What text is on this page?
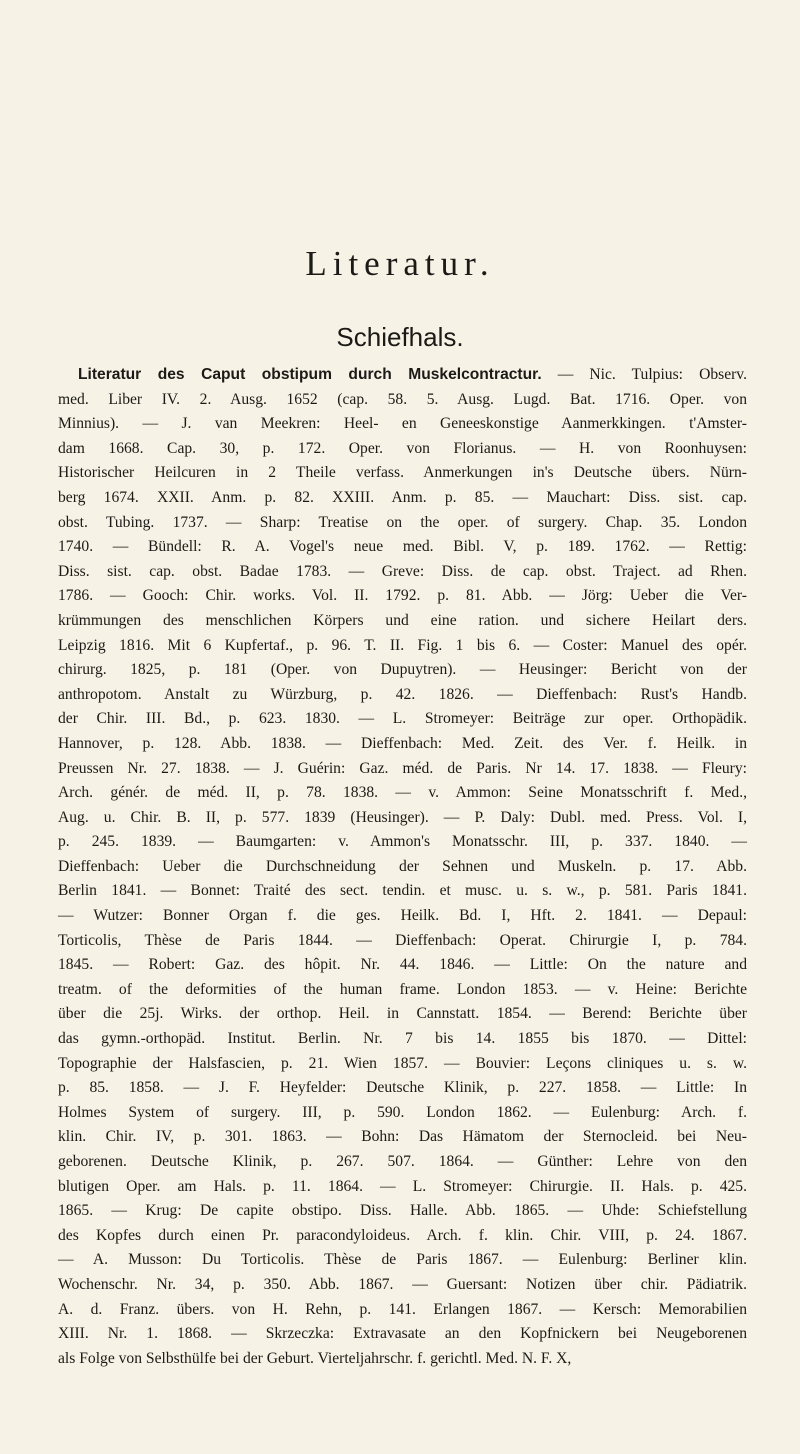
Literatur.
Schiefhals.
Literatur des Caput obstipum durch Muskelcontractur. — Nic. Tulpius: Observ.
med. Liber IV. 2. Ausg. 1652 (cap. 58. 5. Ausg. Lugd. Bat. 1716. Oper. von
Minnius). — J. van Meekren: Heel- en Geneeskonstige Aanmerkkingen. t'Amster-
dam 1668. Cap. 30, p. 172. Oper. von Florianus. — H. von Roonhuysen:
Historischer Heilcuren in 2 Theile verfass. Anmerkungen in's Deutsche übers. Nürn-
berg 1674. XXII. Anm. p. 82. XXIII. Anm. p. 85. — Mauchart: Diss. sist. cap.
obst. Tubing. 1737. — Sharp: Treatise on the oper. of surgery. Chap. 35. London
1740. — Bündell: R. A. Vogel's neue med. Bibl. V, p. 189. 1762. — Rettig:
Diss. sist. cap. obst. Badae 1783. — Greve: Diss. de cap. obst. Traject. ad Rhen.
1786. — Gooch: Chir. works. Vol. II. 1792. p. 81. Abb. — Jörg: Ueber die Ver-
krümmungen des menschlichen Körpers und eine ration. und sichere Heilart ders.
Leipzig 1816. Mit 6 Kupfertaf., p. 96. T. II. Fig. 1 bis 6. — Coster: Manuel des opér.
chirurg. 1825, p. 181 (Oper. von Dupuytren). — Heusinger: Bericht von der
anthropotom. Anstalt zu Würzburg, p. 42. 1826. — Dieffenbach: Rust's Handb.
der Chir. III. Bd., p. 623. 1830. — L. Stromeyer: Beiträge zur oper. Orthopädik.
Hannover, p. 128. Abb. 1838. — Dieffenbach: Med. Zeit. des Ver. f. Heilk. in
Preussen Nr. 27. 1838. — J. Guérin: Gaz. méd. de Paris. Nr 14. 17. 1838. — Fleury:
Arch. génér. de méd. II, p. 78. 1838. — v. Ammon: Seine Monatsschrift f. Med.,
Aug. u. Chir. B. II, p. 577. 1839 (Heusinger). — P. Daly: Dubl. med. Press. Vol. I,
p. 245. 1839. — Baumgarten: v. Ammon's Monatsschr. III, p. 337. 1840. —
Dieffenbach: Ueber die Durchschneidung der Sehnen und Muskeln. p. 17. Abb.
Berlin 1841. — Bonnet: Traité des sect. tendin. et musc. u. s. w., p. 581. Paris 1841.
— Wutzer: Bonner Organ f. die ges. Heilk. Bd. I, Hft. 2. 1841. — Depaul:
Torticolis, Thèse de Paris 1844. — Dieffenbach: Operat. Chirurgie I, p. 784.
1845. — Robert: Gaz. des hôpit. Nr. 44. 1846. — Little: On the nature and
treatm. of the deformities of the human frame. London 1853. — v. Heine: Berichte
über die 25j. Wirks. der orthop. Heil. in Cannstatt. 1854. — Berend: Berichte über
das gymn.-orthopäd. Institut. Berlin. Nr. 7 bis 14. 1855 bis 1870. — Dittel:
Topographie der Halsfascien, p. 21. Wien 1857. — Bouvier: Leçons cliniques u. s. w.
p. 85. 1858. — J. F. Heyfelder: Deutsche Klinik, p. 227. 1858. — Little: In
Holmes System of surgery. III, p. 590. London 1862. — Eulenburg: Arch. f.
klin. Chir. IV, p. 301. 1863. — Bohn: Das Hämatom der Sternocleid. bei Neu-
geborenen. Deutsche Klinik, p. 267. 507. 1864. — Günther: Lehre von den
blutigen Oper. am Hals. p. 11. 1864. — L. Stromeyer: Chirurgie. II. Hals. p. 425.
1865. — Krug: De capite obstipo. Diss. Halle. Abb. 1865. — Uhde: Schiefstellung
des Kopfes durch einen Pr. paracondyloideus. Arch. f. klin. Chir. VIII, p. 24. 1867.
— A. Musson: Du Torticolis. Thèse de Paris 1867. — Eulenburg: Berliner klin.
Wochenschr. Nr. 34, p. 350. Abb. 1867. — Guersant: Notizen über chir. Pädiatrik.
A. d. Franz. übers. von H. Rehn, p. 141. Erlangen 1867. — Kersch: Memorabilien
XIII. Nr. 1. 1868. — Skrzeczka: Extravasate an den Kopfnickern bei Neugeborenen
als Folge von Selbsthülfe bei der Geburt. Vierteljahrschr. f. gerichtl. Med. N. F. X,
